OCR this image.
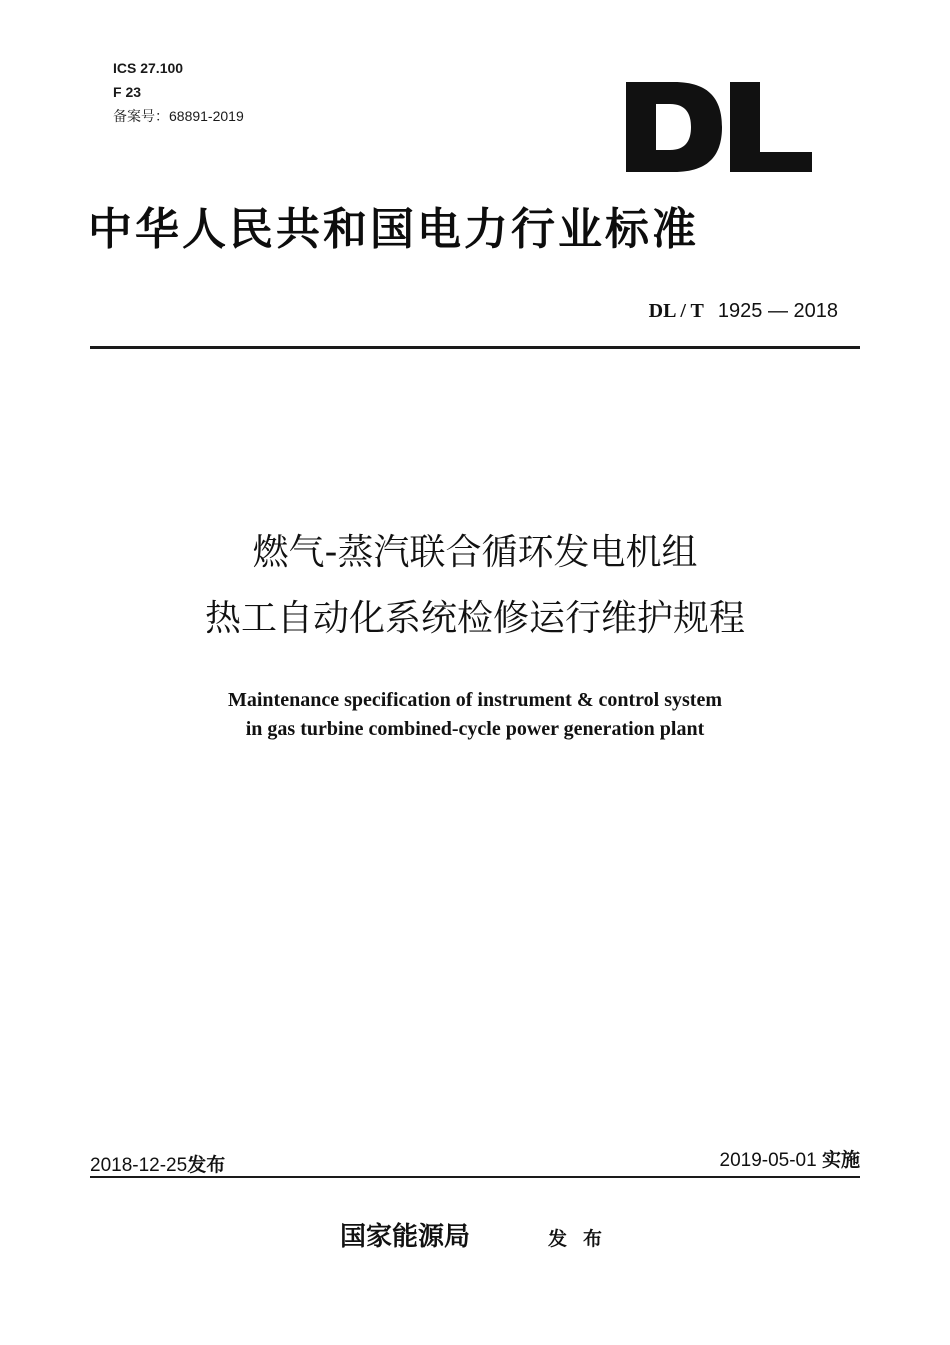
ICS 27.100
F 23
备案号：68891-2019
中华人民共和国电力行业标准
DL / T 1925 — 2018
燃气-蒸汽联合循环发电机组
热工自动化系统检修运行维护规程
Maintenance specification of instrument & control system
in gas turbine combined-cycle power generation plant
2018-12-25发布	2019-05-01 实施
国家能源局	发布
